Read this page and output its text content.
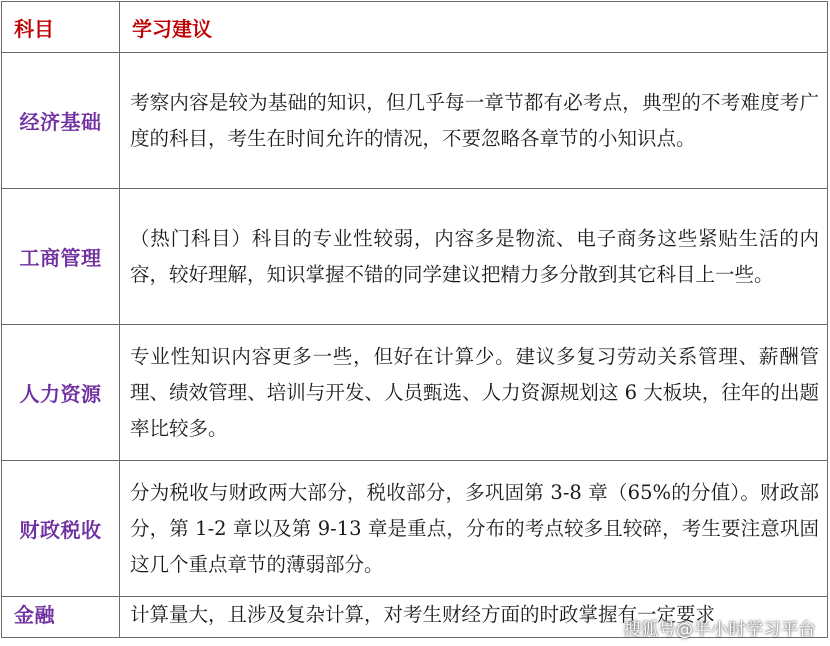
科目	学习建议
经济基础	考察内容是较为基础的知识，但几乎每一章节都有必考点，典型的不考难度考广度的科目，考生在时间允许的情况，不要忽略各章节的小知识点。
工商管理	（热门科目）科目的专业性较弱，内容多是物流、电子商务这些紧贴生活的内容，较好理解，知识掌握不错的同学建议把精力多分散到其它科目上一些。
人力资源	专业性知识内容更多一些，但好在计算少。建议多复习劳动关系管理、薪酬管理、绩效管理、培训与开发、人员甄选、人力资源规划这 6 大板块，往年的出题率比较多。
财政税收	分为税收与财政两大部分，税收部分，多巩固第 3-8 章（65%的分值）。财政部分，第 1-2 章以及第 9-13 章是重点，分布的考点较多且较碎，考生要注意巩固这几个重点章节的薄弱部分。
金融	计算量大，且涉及复杂计算，对考生财经方面的时政掌握有一定要求
搜狐号@半小时学习平台
